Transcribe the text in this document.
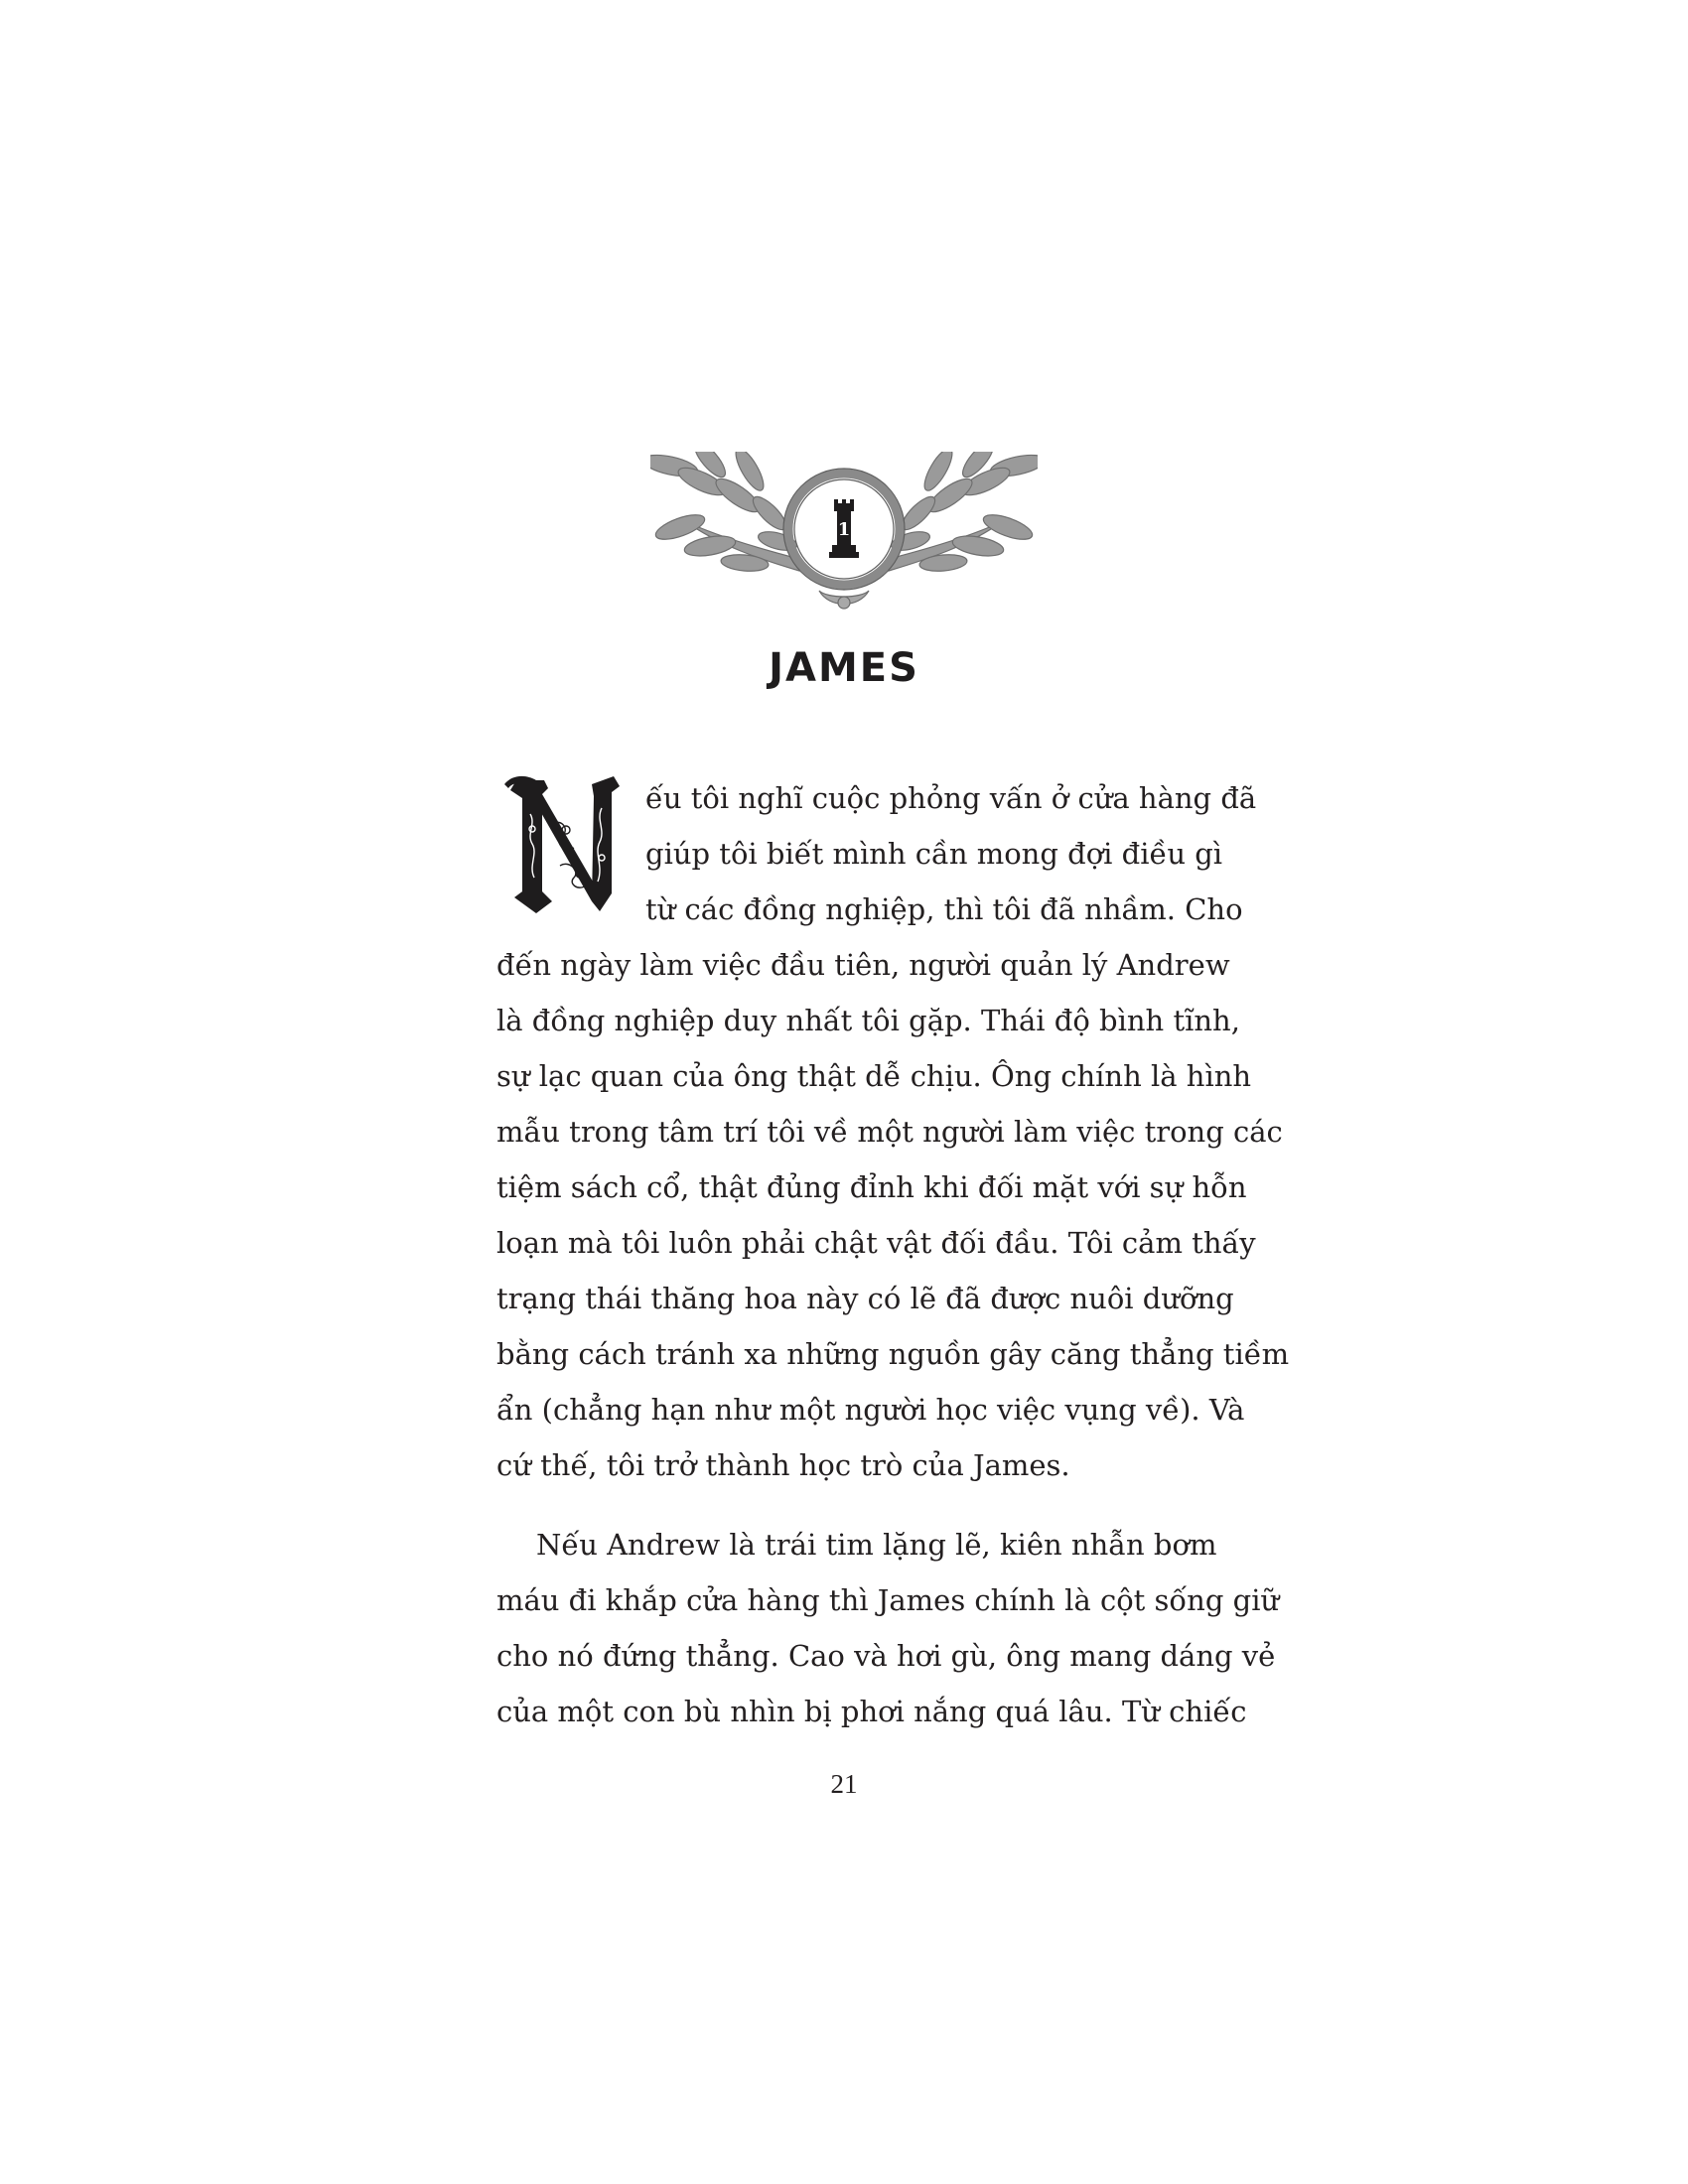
1
JAMES
N
ếu tôi nghĩ cuộc phỏng vấn ở cửa hàng đã
giúp tôi biết mình cần mong đợi điều gì
từ các đồng nghiệp, thì tôi đã nhầm. Cho
đến ngày làm việc đầu tiên, người quản lý Andrew
là đồng nghiệp duy nhất tôi gặp. Thái độ bình tĩnh,
sự lạc quan của ông thật dễ chịu. Ông chính là hình
mẫu trong tâm trí tôi về một người làm việc trong các
tiệm sách cổ, thật đủng đỉnh khi đối mặt với sự hỗn
loạn mà tôi luôn phải chật vật đối đầu. Tôi cảm thấy
trạng thái thăng hoa này có lẽ đã được nuôi dưỡng
bằng cách tránh xa những nguồn gây căng thẳng tiềm
ẩn (chẳng hạn như một người học việc vụng về). Và
cứ thế, tôi trở thành học trò của James.
Nếu Andrew là trái tim lặng lẽ, kiên nhẫn bơm
máu đi khắp cửa hàng thì James chính là cột sống giữ
cho nó đứng thẳng. Cao và hơi gù, ông mang dáng vẻ
của một con bù nhìn bị phơi nắng quá lâu. Từ chiếc
21
